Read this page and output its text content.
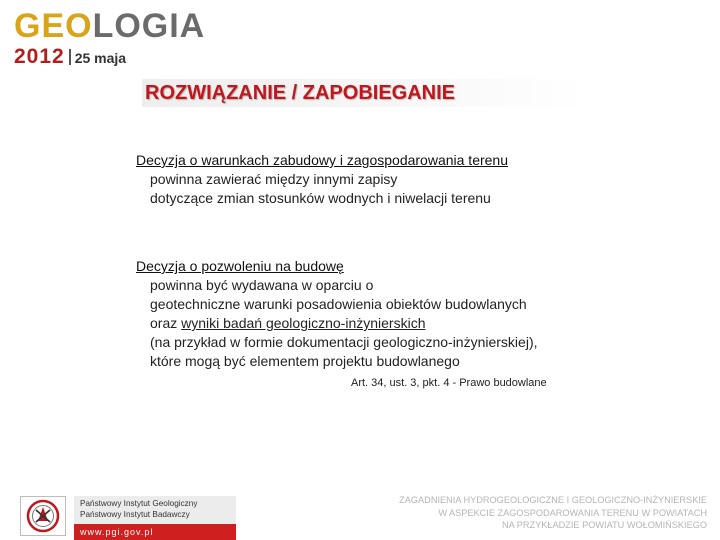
GEOLOGIA
2012 25 maja
ROZWIĄZANIE / ZAPOBIEGANIE
Decyzja o warunkach zabudowy i zagospodarowania terenu
powinna zawierać między innymi zapisy
dotyczące zmian stosunków wodnych i niwelacji terenu
Decyzja o pozwoleniu na budowę
powinna być wydawana w oparciu o
geotechniczne warunki posadowienia obiektów budowlanych
oraz wyniki badań geologiczno-inżynierskich
(na przykład w formie dokumentacji geologiczno-inżynierskiej),
które mogą być elementem projektu budowlanego
Art. 34, ust. 3, pkt. 4 - Prawo budowlane
Państwowy Instytut Geologiczny
Państwowy Instytut Badawczy
www.pgi.gov.pl
ZAGADNIENIA HYDROGEOLOGICZNE I GEOLOGICZNO-INŻYNIERSKIE
W ASPEKCIE ZAGOSPODAROWANIA TERENU W POWIATACH
NA PRZYKŁADZIE POWIATU WOŁOMIŃSKIEGO
